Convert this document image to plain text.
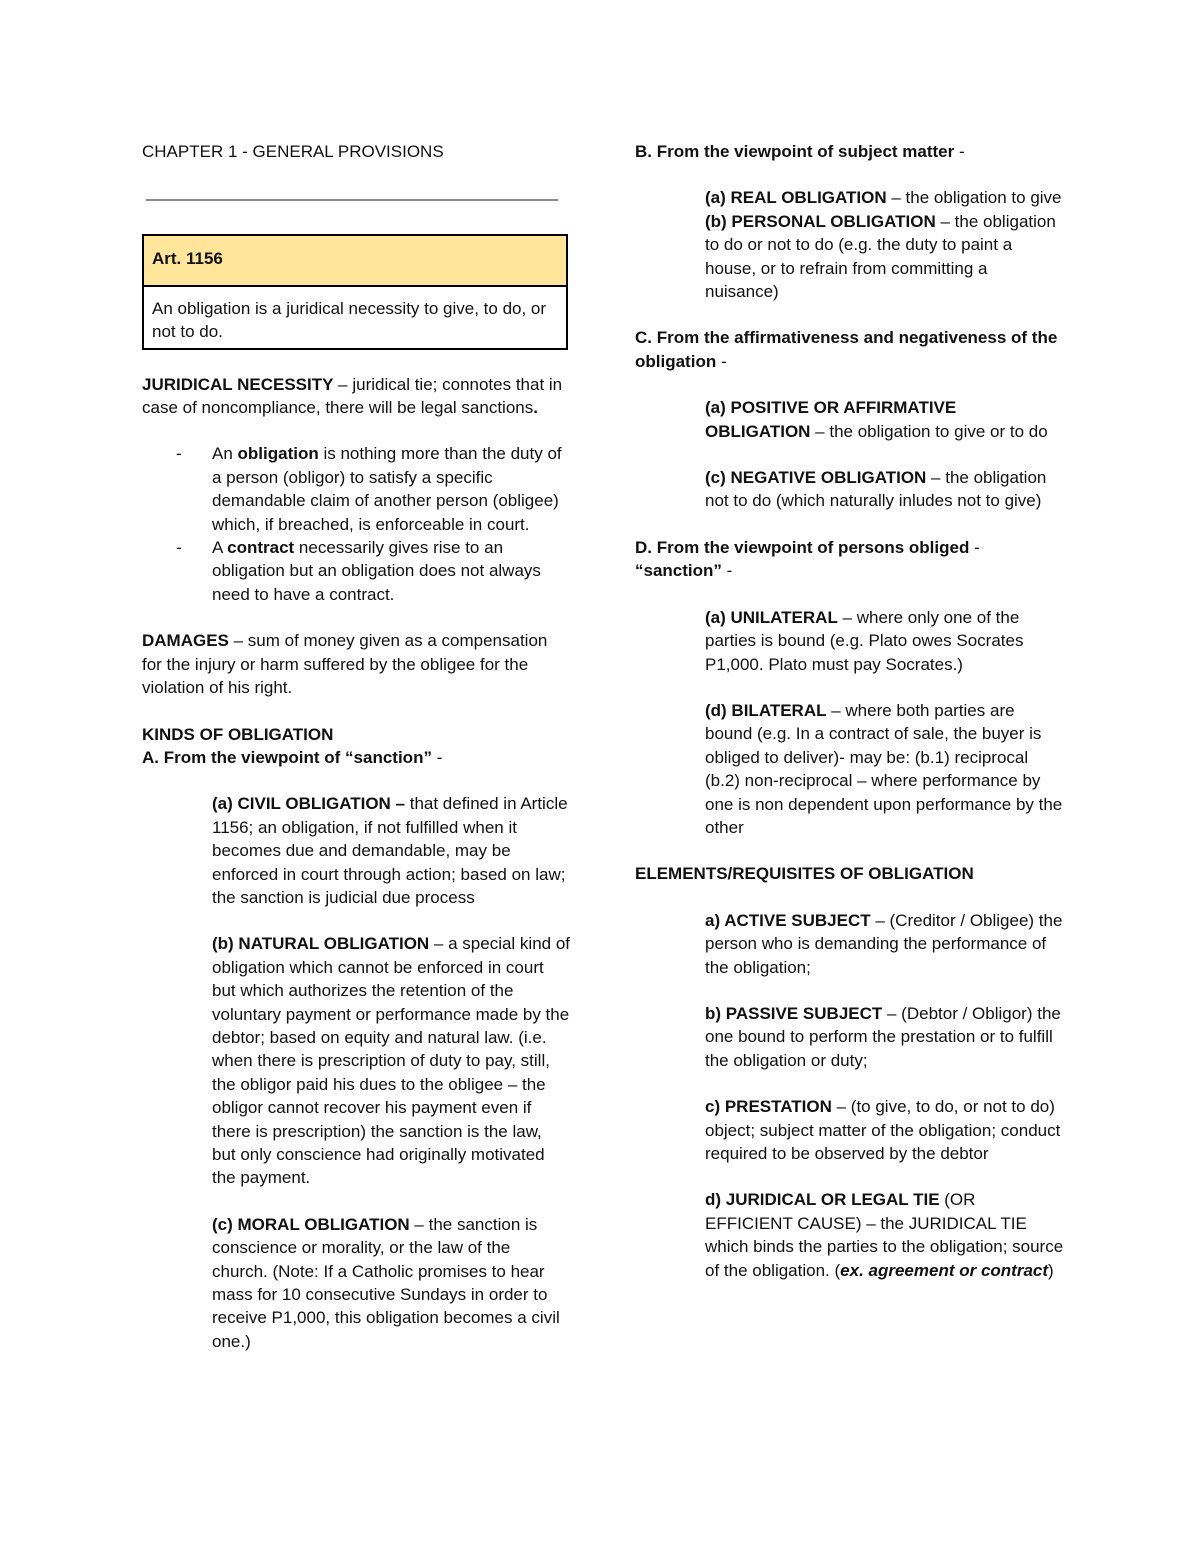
CHAPTER 1 - GENERAL PROVISIONS

Art. 1156
An obligation is a juridical necessity to give, to do, or not to do.

JURIDICAL NECESSITY – juridical tie; connotes that in case of noncompliance, there will be legal sanctions.

- An obligation is nothing more than the duty of a person (obligor) to satisfy a specific demandable claim of another person (obligee) which, if breached, is enforceable in court.
- A contract necessarily gives rise to an obligation but an obligation does not always need to have a contract.

DAMAGES – sum of money given as a compensation for the injury or harm suffered by the obligee for the violation of his right.

KINDS OF OBLIGATION

A. From the viewpoint of “sanction” -

(a) CIVIL OBLIGATION – that defined in Article 1156; an obligation, if not fulfilled when it becomes due and demandable, may be enforced in court through action; based on law; the sanction is judicial due process

(b) NATURAL OBLIGATION – a special kind of obligation which cannot be enforced in court but which authorizes the retention of the voluntary payment or performance made by the debtor; based on equity and natural law. (i.e. when there is prescription of duty to pay, still, the obligor paid his dues to the obligee – the obligor cannot recover his payment even if there is prescription) the sanction is the law, but only conscience had originally motivated the payment.

(c) MORAL OBLIGATION – the sanction is conscience or morality, or the law of the church. (Note: If a Catholic promises to hear mass for 10 consecutive Sundays in order to receive P1,000, this obligation becomes a civil one.)

B. From the viewpoint of subject matter -

(a) REAL OBLIGATION – the obligation to give

(b) PERSONAL OBLIGATION – the obligation to do or not to do (e.g. the duty to paint a house, or to refrain from committing a nuisance)

C. From the affirmativeness and negativeness of the obligation -

(a) POSITIVE OR AFFIRMATIVE OBLIGATION – the obligation to give or to do

(c) NEGATIVE OBLIGATION – the obligation not to do (which naturally inludes not to give)

D. From the viewpoint of persons obliged -
“sanction” -

(a) UNILATERAL – where only one of the parties is bound (e.g. Plato owes Socrates P1,000. Plato must pay Socrates.)

(d) BILATERAL – where both parties are bound (e.g. In a contract of sale, the buyer is obliged to deliver)- may be: (b.1) reciprocal (b.2) non-reciprocal – where performance by one is non dependent upon performance by the other

ELEMENTS/REQUISITES OF OBLIGATION

a) ACTIVE SUBJECT – (Creditor / Obligee) the person who is demanding the performance of the obligation;

b) PASSIVE SUBJECT – (Debtor / Obligor) the one bound to perform the prestation or to fulfill the obligation or duty;

c) PRESTATION – (to give, to do, or not to do) object; subject matter of the obligation; conduct required to be observed by the debtor

d) JURIDICAL OR LEGAL TIE (OR EFFICIENT CAUSE) – the JURIDICAL TIE which binds the parties to the obligation; source of the obligation. (ex. agreement or contract)
